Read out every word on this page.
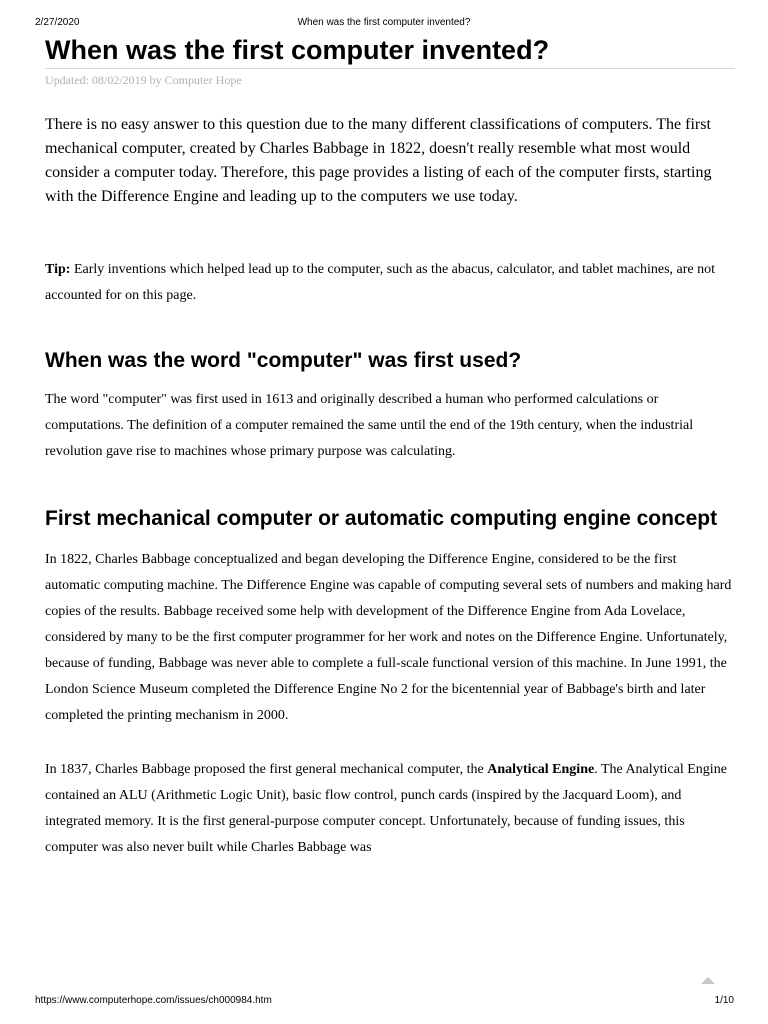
2/27/2020	When was the first computer invented?
When was the first computer invented?
Updated: 08/02/2019 by Computer Hope

There is no easy answer to this question due to the many different classifications of computers. The first mechanical computer, created by Charles Babbage in 1822, doesn't really resemble what most would consider a computer today. Therefore, this page provides a listing of each of the computer firsts, starting with the Difference Engine and leading up to the computers we use today.

Tip: Early inventions which helped lead up to the computer, such as the abacus, calculator, and tablet machines, are not accounted for on this page.

When was the word "computer" was first used?

The word "computer" was first used in 1613 and originally described a human who performed calculations or computations. The definition of a computer remained the same until the end of the 19th century, when the industrial revolution gave rise to machines whose primary purpose was calculating.

First mechanical computer or automatic computing engine concept

In 1822, Charles Babbage conceptualized and began developing the Difference Engine, considered to be the first automatic computing machine. The Difference Engine was capable of computing several sets of numbers and making hard copies of the results. Babbage received some help with development of the Difference Engine from Ada Lovelace, considered by many to be the first computer programmer for her work and notes on the Difference Engine. Unfortunately, because of funding, Babbage was never able to complete a full-scale functional version of this machine. In June 1991, the London Science Museum completed the Difference Engine No 2 for the bicentennial year of Babbage's birth and later completed the printing mechanism in 2000.

In 1837, Charles Babbage proposed the first general mechanical computer, the Analytical Engine. The Analytical Engine contained an ALU (Arithmetic Logic Unit), basic flow control, punch cards (inspired by the Jacquard Loom), and integrated memory. It is the first general-purpose computer concept. Unfortunately, because of funding issues, this computer was also never built while Charles Babbage was

https://www.computerhope.com/issues/ch000984.htm	1/10
